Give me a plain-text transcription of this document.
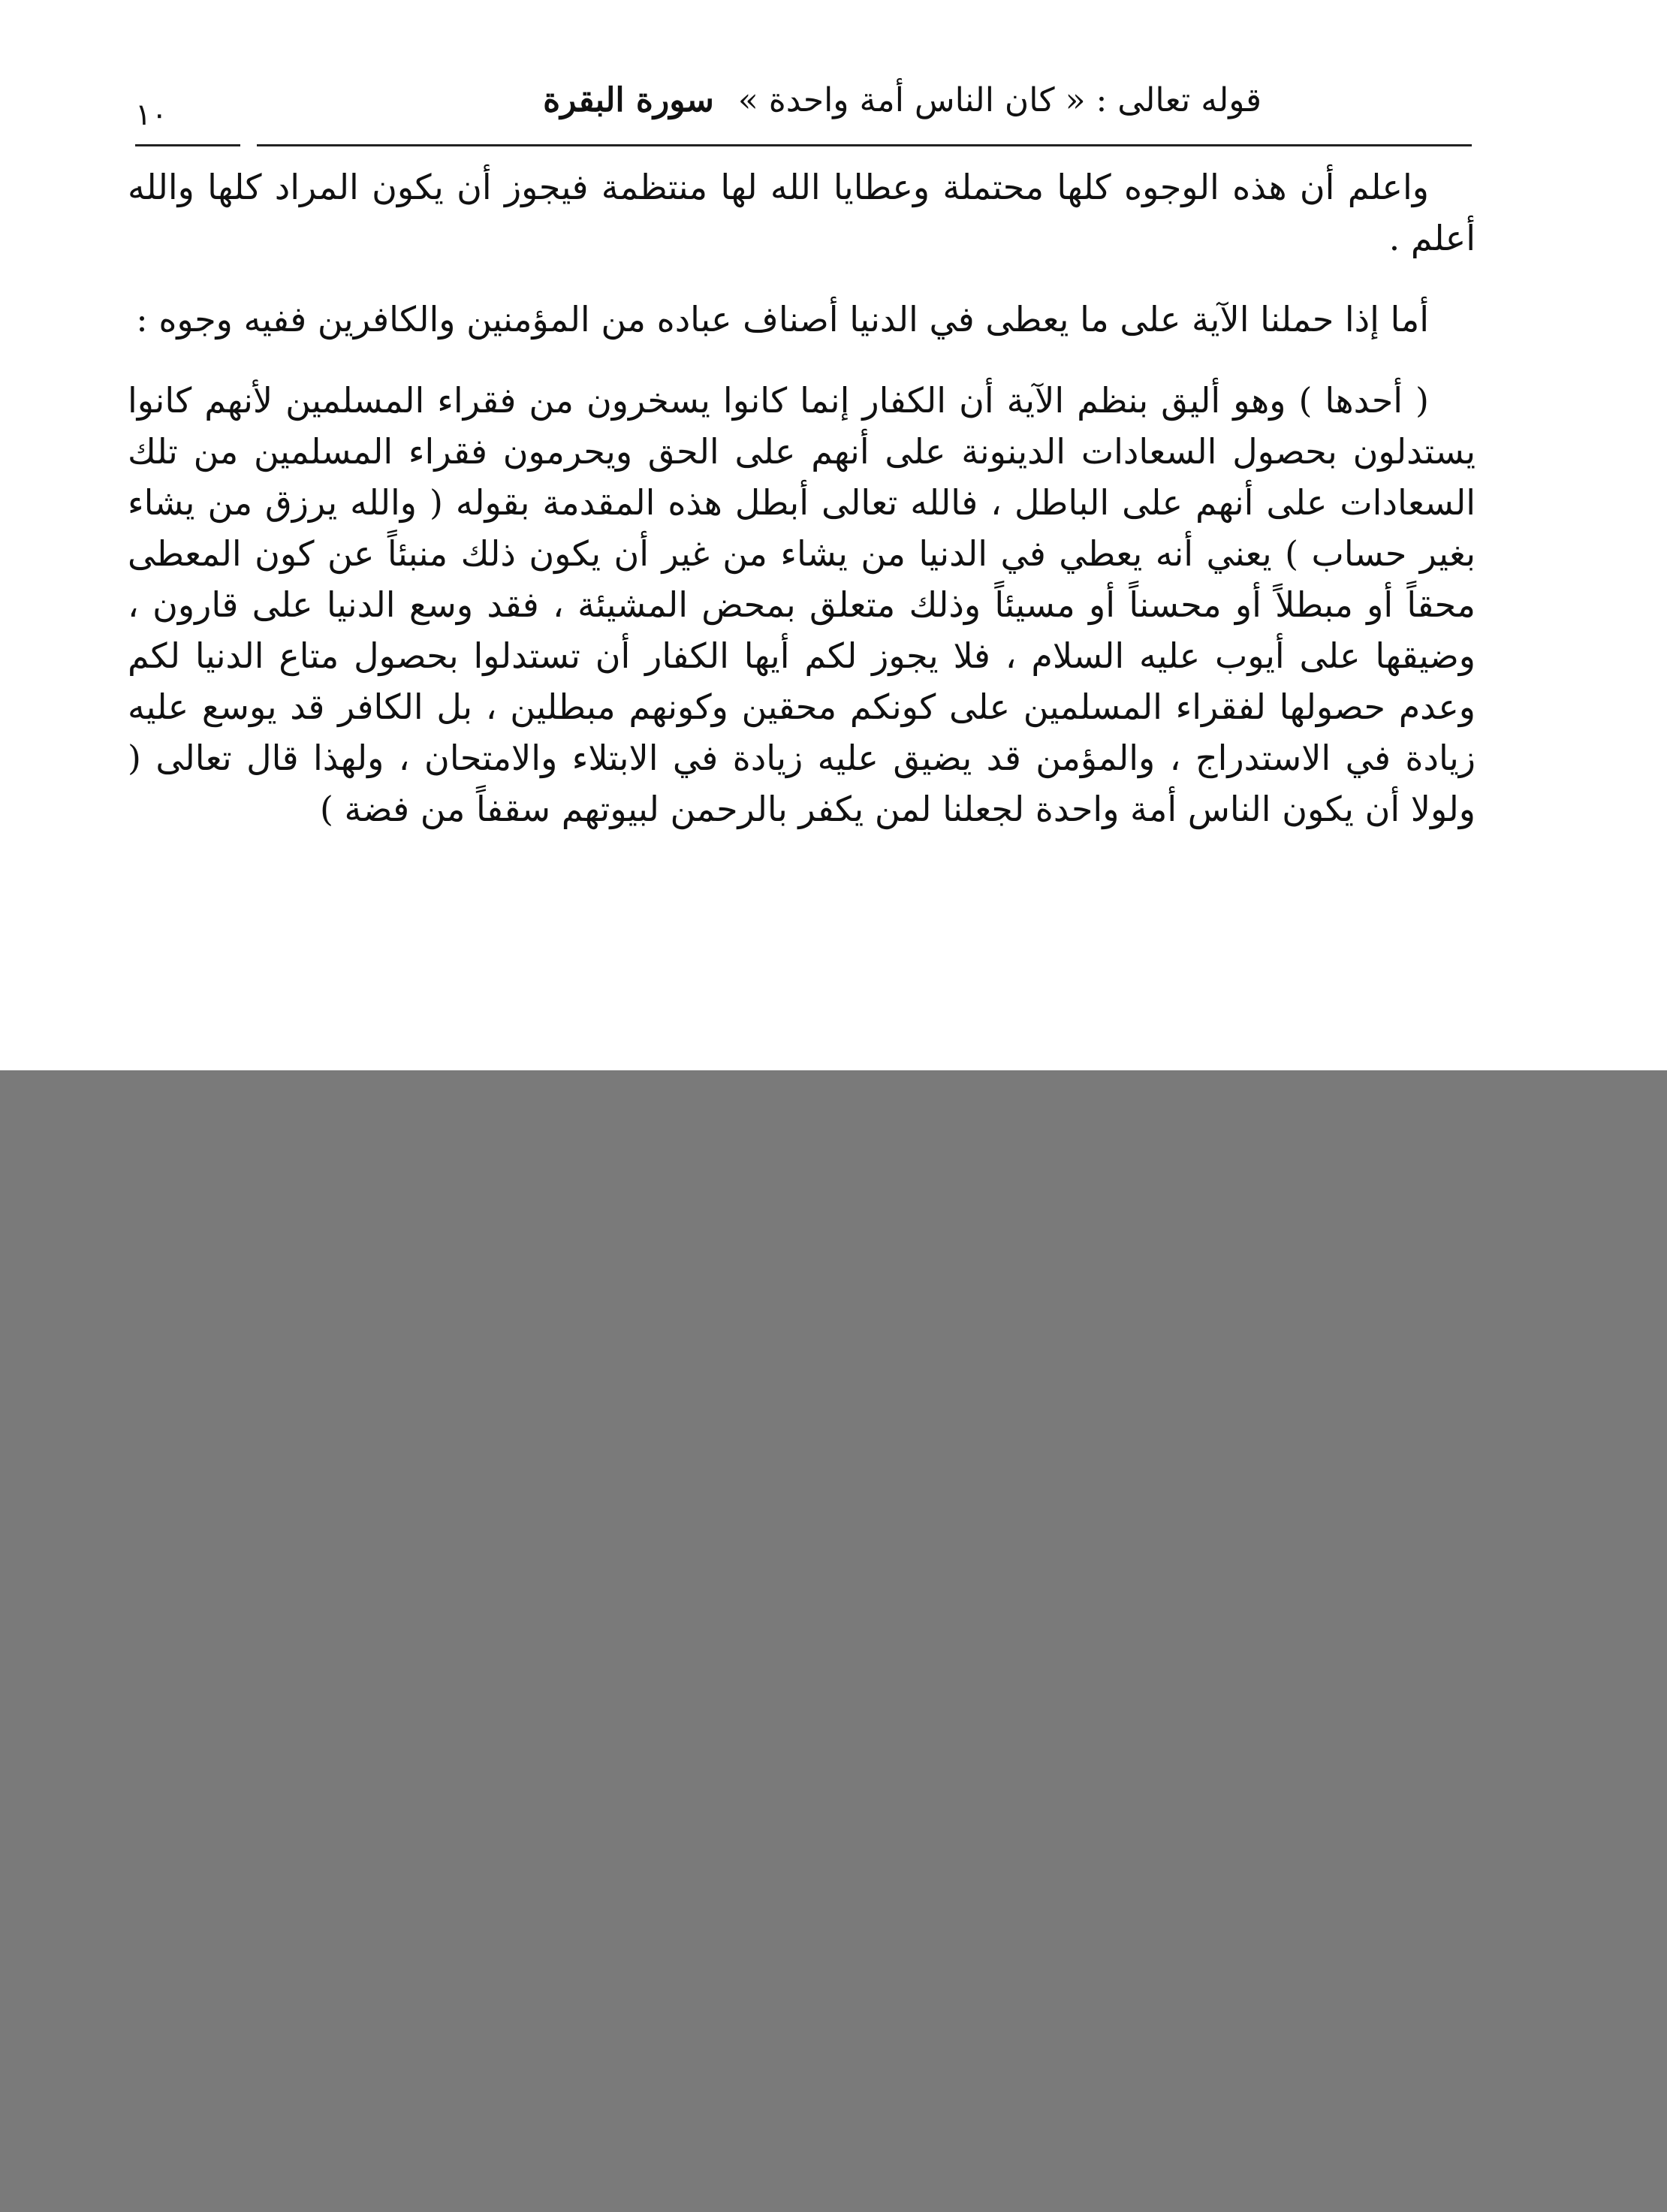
قوله تعالى : « كان الناس أمة واحدة » سورة البقرة
١٠

واعلم أن هذه الوجوه كلها محتملة وعطايا الله لها منتظمة فيجوز أن يكون المراد كلها والله أعلم .

أما إذا حملنا الآية على ما يعطى في الدنيا أصناف عباده من المؤمنين والكافرين ففيه وجوه :

( أحدها ) وهو أليق بنظم الآية أن الكفار إنما كانوا يسخرون من فقراء المسلمين لأنهم كانوا يستدلون بحصول السعادات الدينونة على أنهم على الحق ويحرمون فقراء المسلمين من تلك السعادات على أنهم على الباطل ، فالله تعالى أبطل هذه المقدمة بقوله ( والله يرزق من يشاء بغير حساب ) يعني أنه يعطي في الدنيا من يشاء من غير أن يكون ذلك منبئاً عن كون المعطى محقاً أو مبطلاً أو محسناً أو مسيئاً وذلك متعلق بمحض المشيئة ، فقد وسع الدنيا على قارون ، وضيقها على أيوب عليه السلام ، فلا يجوز لكم أيها الكفار أن تستدلوا بحصول متاع الدنيا لكم وعدم حصولها لفقراء المسلمين على كونكم محقين وكونهم مبطلين ، بل الكافر قد يوسع عليه زيادة في الاستدراج ، والمؤمن قد يضيق عليه زيادة في الابتلاء والامتحان ، ولهذا قال تعالى ( ولولا أن يكون الناس أمة واحدة لجعلنا لمن يكفر بالرحمن لبيوتهم سقفاً من فضة )
